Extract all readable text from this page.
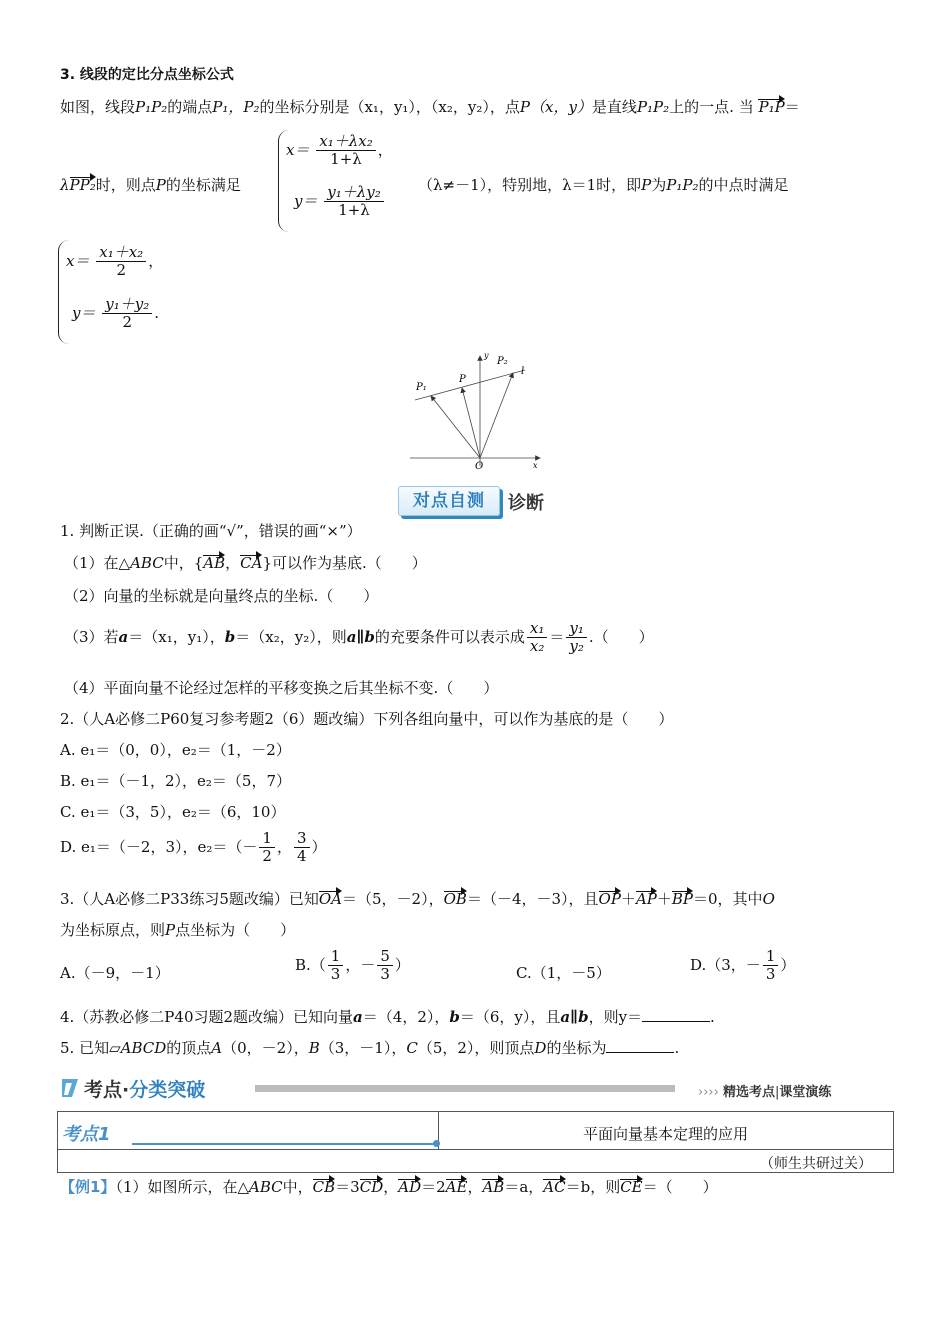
3. 线段的定比分点坐标公式
如图，线段P₁P₂的端点P₁，P₂的坐标分别是（x₁，y₁），（x₂，y₂），点P（x，y）是直线P₁P₂上的一点. 当 P₁P＝
λPP₂时，则点P的坐标满足
$x= \frac{\text{x₁＋λx₂}}{1+\lambda}$ ，
$y= \frac{\text{y₁＋λy₂}}{1+\lambda} (\lambda\ne-1)$，特别地，λ＝1时，即P为P₁P₂的中点时满足
$x= \frac{\text{x₁＋x₂}}{2}$ ，
$y= \frac{\text{y₁＋y₂}}{2}$ .
O
y
x
P₁
P
P₂
l
对点自测	诊断
1. 判断正误.（正确的画“√”，错误的画“×”）
（1）在△ABC中，{AB，CA}可以作为基底.（　　）
（2）向量的坐标就是向量终点的坐标.（　　）
（3）若a＝（x₁，y₁），b＝（x₂，y₂），则a∥b的充要条件可以表示成 $\frac{\text{x₁}}{\text{x₂}} = \frac{\text{y₁}}{\text{y₂}}$ .（　　）
（4）平面向量不论经过怎样的平移变换之后其坐标不变.（　　）
2.（人A必修二P60复习参考题2（6）题改编）下列各组向量中，可以作为基底的是（　　）
A. e₁＝（0，0），e₂＝（1，－2）
B. e₁＝（－1，2），e₂＝（5，7）
C. e₁＝（3，5），e₂＝（6，10）
D. e₁＝（－2，3），$e_2=(- \frac{1}{2}$ ， $\frac{3}{4}$ ）
3.（人A必修二P33练习5题改编）已知OA＝（5，－2），OB＝（－4，－3），且OP＋AP＋BP＝0，其中O
为坐标原点，则P点坐标为（　　）
A.（－9，－1）	$B.( \frac{1}{3}$ ，－ $\frac{5}{3}$ ）	C.（1，－5）	D.（3，－ $\frac{1}{3}$ ）
4.（苏教必修二P40习题2题改编）已知向量a＝（4，2），b＝（6，y），且a∥b，则y＝	.
5. 已知▱ABCD的顶点A（0，－2），B（3，－1），C（5，2），则顶点D的坐标为	.
考点·分类突破	›››› 精选考点|课堂演练
考点1	平面向量基本定理的应用
（师生共研过关）
【例1】（1）如图所示，在△ABC中，CB＝3CD，AD＝2AE，AB＝a，AC＝b，则CE＝（　　）
